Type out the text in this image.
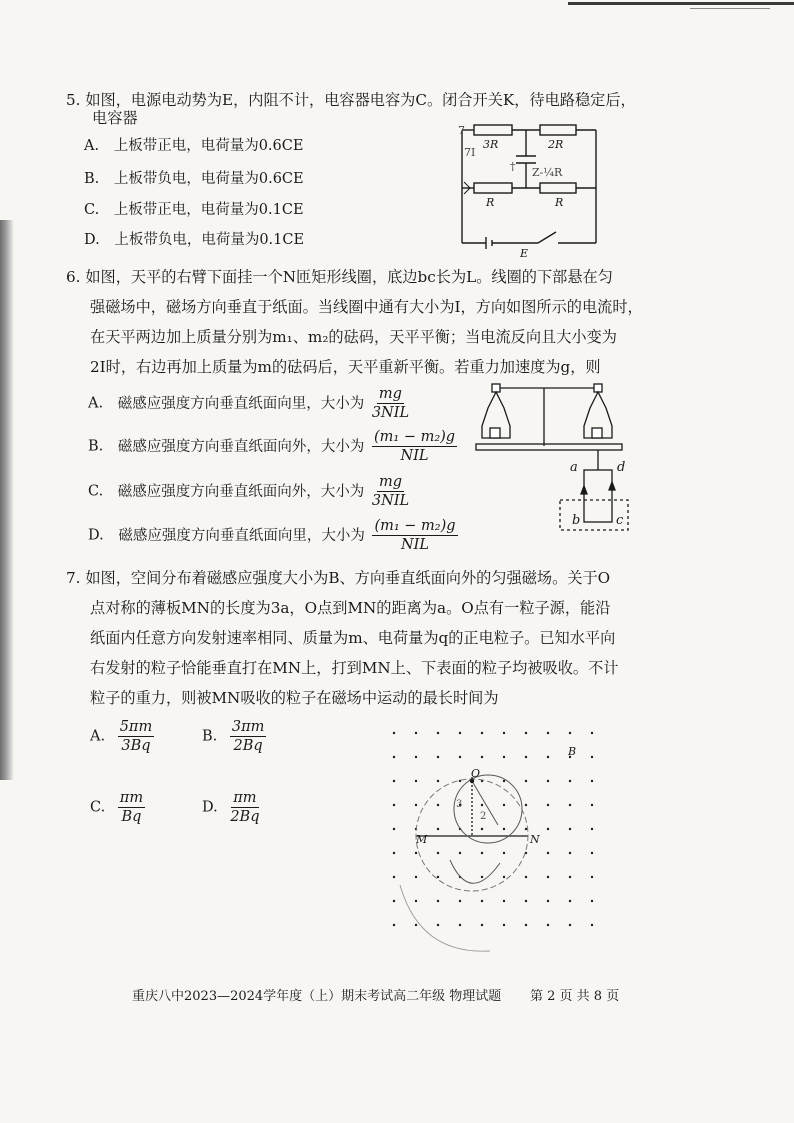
5. 如图，电源电动势为E，内阻不计，电容器电容为C。闭合开关K，待电路稳定后，
电容器
A. 上板带正电，电荷量为0.6CE
B. 上板带负电，电荷量为0.6CE
C. 上板带正电，电荷量为0.1CE
D. 上板带负电，电荷量为0.1CE
3R	2R
R	R
E
7
7I
Z-¼R
†
6. 如图，天平的右臂下面挂一个N匝矩形线圈，底边bc长为L。线圈的下部悬在匀
强磁场中，磁场方向垂直于纸面。当线圈中通有大小为I，方向如图所示的电流时，
在天平两边加上质量分别为m₁、m₂的砝码，天平平衡；当电流反向且大小变为
2I时，右边再加上质量为m的砝码后，天平重新平衡。若重力加速度为g，则
A. 磁感应强度方向垂直纸面向里，大小为 $\frac{mg}{\text{3NIL}}$
B. 磁感应强度方向垂直纸面向外，大小为 $\frac{\text{(m₁ − m₂)g}}{\text{NIL}}$
C. 磁感应强度方向垂直纸面向外，大小为 $\frac{mg}{\text{3NIL}}$
D. 磁感应强度方向垂直纸面向里，大小为 $\frac{\text{(m₁ − m₂)g}}{\text{NIL}}$
a	d
b	c
7. 如图，空间分布着磁感应强度大小为B、方向垂直纸面向外的匀强磁场。关于O
点对称的薄板MN的长度为3a，O点到MN的距离为a。O点有一粒子源，能沿
纸面内任意方向发射速率相同、质量为m、电荷量为q的正电粒子。已知水平向
右发射的粒子恰能垂直打在MN上，打到MN上、下表面的粒子均被吸收。不计
粒子的重力，则被MN吸收的粒子在磁场中运动的最长时间为
A. $\frac{5\pi m}{3Bq}$	B. $\frac{3\pi m}{2Bq}$
C. $\frac{\pi m}{Bq}$	D. $\frac{\pi m}{2Bq}$
B
O
M	N
3
2
重庆八中2023—2024学年度（上）期末考试高二年级 物理试题 第 2 页 共 8 页
